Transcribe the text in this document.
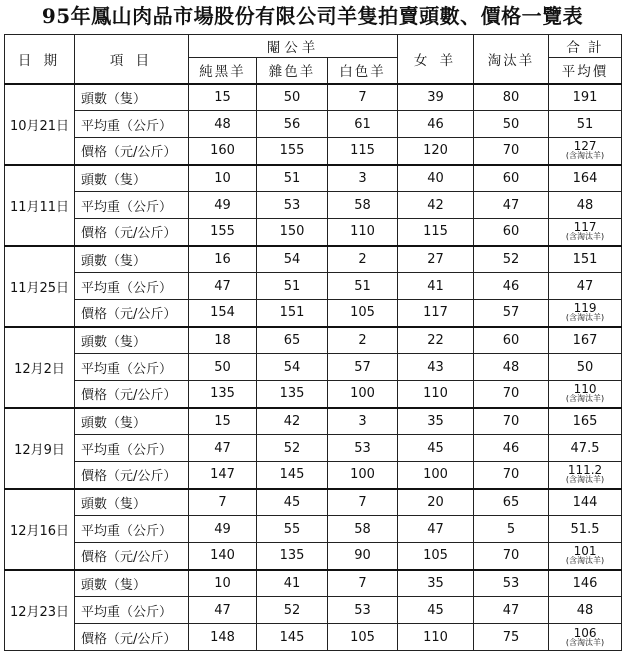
95年鳳山肉品市場股份有限公司羊隻拍賣頭數、價格一覽表
日 期	項 目	閹公羊			女 羊	淘汰羊	合 計
		純黑羊	雜色羊	白色羊			平均價
10月21日	頭數（隻）	15	50	7	39	80	191
	平均重（公斤）	48	56	61	46	50	51
	價格（元/公斤）	160	155	115	120	70	127
(含淘汰羊)

11月11日	頭數（隻）	10	51	3	40	60	164
	平均重（公斤）	49	53	58	42	47	48
	價格（元/公斤）	155	150	110	115	60	117
(含淘汰羊)

11月25日	頭數（隻）	16	54	2	27	52	151
	平均重（公斤）	47	51	51	41	46	47
	價格（元/公斤）	154	151	105	117	57	119
(含淘汰羊)

12月2日	頭數（隻）	18	65	2	22	60	167
	平均重（公斤）	50	54	57	43	48	50
	價格（元/公斤）	135	135	100	110	70	110
(含淘汰羊)

12月9日	頭數（隻）	15	42	3	35	70	165
	平均重（公斤）	47	52	53	45	46	47.5
	價格（元/公斤）	147	145	100	100	70	111.2
(含淘汰羊)

12月16日	頭數（隻）	7	45	7	20	65	144
	平均重（公斤）	49	55	58	47	5	51.5
	價格（元/公斤）	140	135	90	105	70	101
(含淘汰羊)

12月23日	頭數（隻）	10	41	7	35	53	146
	平均重（公斤）	47	52	53	45	47	48
	價格（元/公斤）	148	145	105	110	75	106
(含淘汰羊)
